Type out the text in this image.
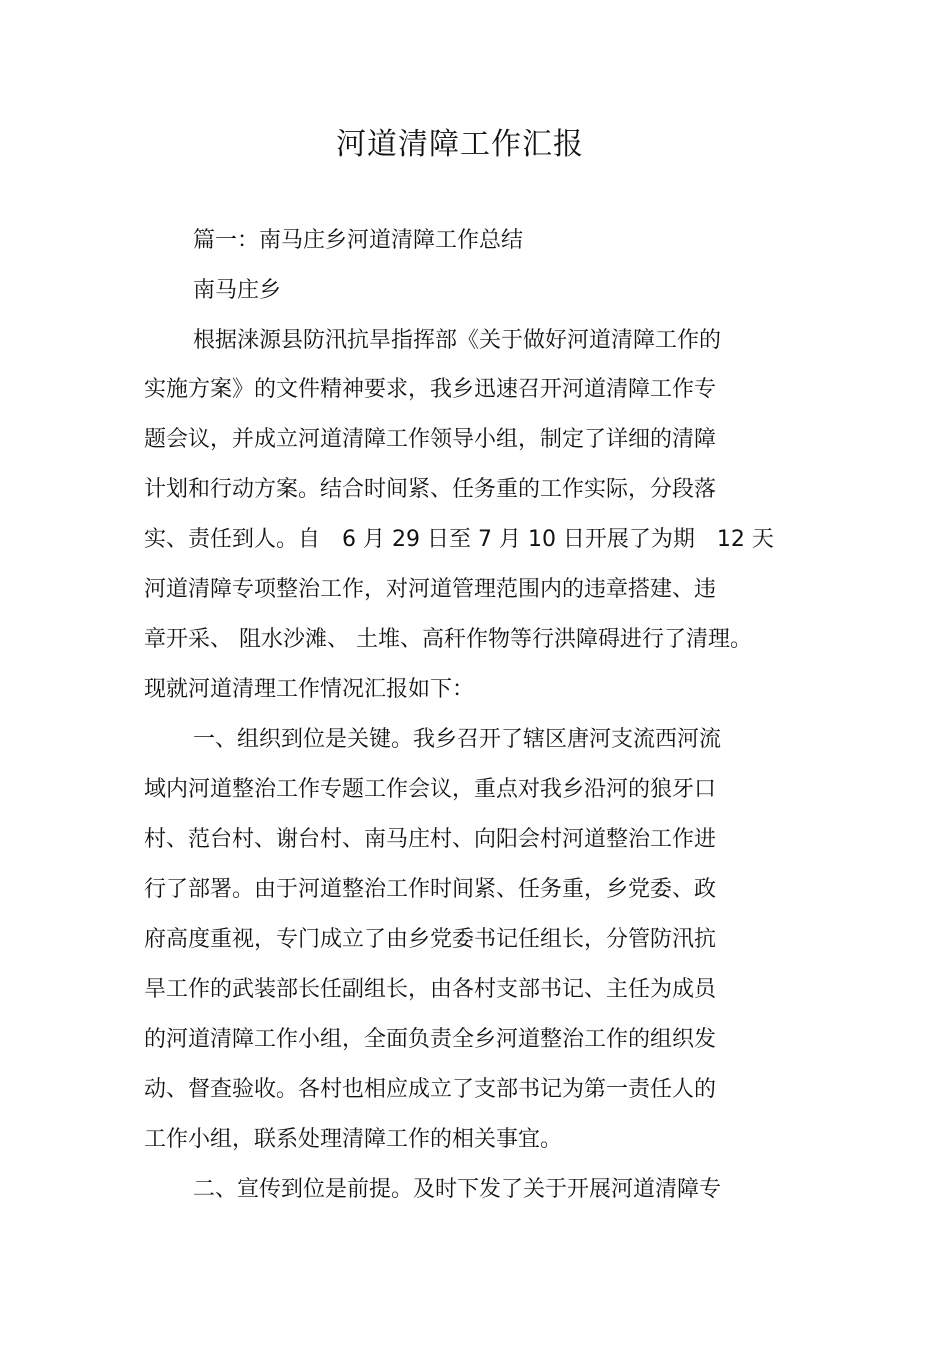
河道清障工作汇报
篇一：南马庄乡河道清障工作总结
南马庄乡
根据涞源县防汛抗旱指挥部《关于做好河道清障工作的
实施方案》的文件精神要求，我乡迅速召开河道清障工作专
题会议，并成立河道清障工作领导小组，制定了详细的清障
计划和行动方案。结合时间紧、任务重的工作实际，分段落
实、责任到人。自　6 月 29 日至 7 月 10 日开展了为期　12 天
河道清障专项整治工作，对河道管理范围内的违章搭建、违
章开采、 阻水沙滩、 土堆、高秆作物等行洪障碍进行了清理。
现就河道清理工作情况汇报如下：
一、组织到位是关键。我乡召开了辖区唐河支流西河流
域内河道整治工作专题工作会议，重点对我乡沿河的狼牙口
村、范台村、谢台村、南马庄村、向阳会村河道整治工作进
行了部署。由于河道整治工作时间紧、任务重，乡党委、政
府高度重视，专门成立了由乡党委书记任组长，分管防汛抗
旱工作的武装部长任副组长，由各村支部书记、主任为成员
的河道清障工作小组，全面负责全乡河道整治工作的组织发
动、督查验收。各村也相应成立了支部书记为第一责任人的
工作小组，联系处理清障工作的相关事宜。
二、宣传到位是前提。及时下发了关于开展河道清障专
